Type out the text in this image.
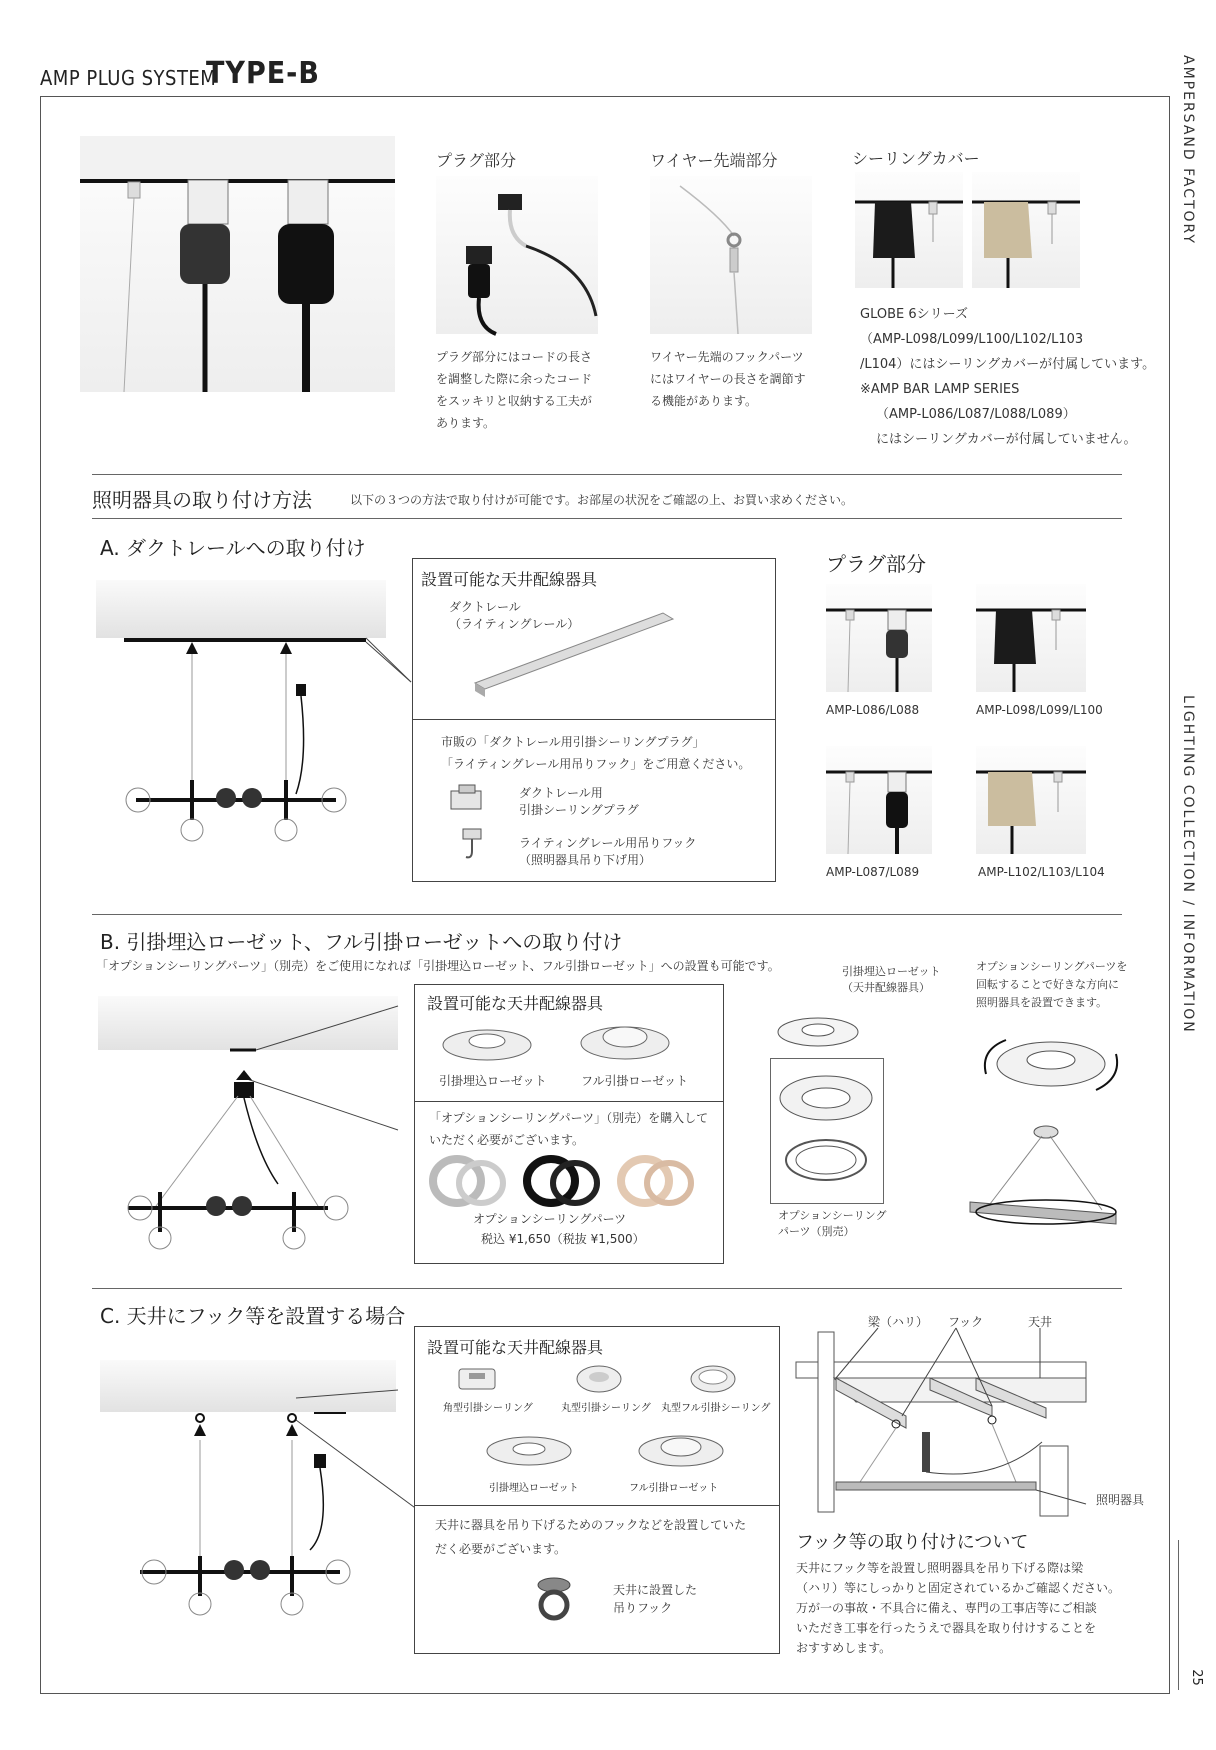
AMP PLUG SYSTEM
TYPE-B	AMPERSAND FACTORY
LIGHTING COLLECTION / INFORMATION
25
プラグ部分
プラグ部分にはコードの長さ
を調整した際に余ったコード
をスッキリと収納する工夫が
あります。
ワイヤー先端部分
ワイヤー先端のフックパーツ
にはワイヤーの長さを調節す
る機能があります。
シーリングカバー
GLOBE 6シリーズ
（AMP-L098/L099/L100/L102/L103
/L104）にはシーリングカバーが付属しています。
※AMP BAR LAMP SERIES
（AMP-L086/L087/L088/L089）
にはシーリングカバーが付属していません。
照明器具の取り付け方法	以下の３つの方法で取り付けが可能です。お部屋の状況をご確認の上、お買い求めください。
A. ダクトレールへの取り付け
設置可能な天井配線器具
ダクトレール
（ライティングレール）
市販の「ダクトレール用引掛シーリングプラグ」
「ライティングレール用吊りフック」をご用意ください。
ダクトレール用
引掛シーリングプラグ
ライティングレール用吊りフック
（照明器具吊り下げ用）
プラグ部分
AMP-L086/L088	AMP-L098/L099/L100
AMP-L087/L089	AMP-L102/L103/L104
B. 引掛埋込ローゼット、フル引掛ローゼットへの取り付け
「オプションシーリングパーツ」（別売）をご使用になれば「引掛埋込ローゼット、フル引掛ローゼット」への設置も可能です。
設置可能な天井配線器具
引掛埋込ローゼット	フル引掛ローゼット
「オプションシーリングパーツ」（別売）を購入して
いただく必要がございます。
オプションシーリングパーツ
税込 ¥1,650（税抜 ¥1,500）
引掛埋込ローゼット
（天井配線器具）
オプションシーリング
パーツ（別売）
オプションシーリングパーツを
回転することで好きな方向に
照明器具を設置できます。
C. 天井にフック等を設置する場合
設置可能な天井配線器具
角型引掛シーリング	丸型引掛シーリング 丸型フル引掛シーリング
引掛埋込ローゼット	フル引掛ローゼット
天井に器具を吊り下げるためのフックなどを設置していた
だく必要がございます。
天井に設置した
吊りフック
梁（ハリ） フック	天井
照明器具
フック等の取り付けについて
天井にフック等を設置し照明器具を吊り下げる際は梁
（ハリ）等にしっかりと固定されているかご確認ください。
万が一の事故・不具合に備え、専門の工事店等にご相談
いただき工事を行ったうえで器具を取り付けすることを
おすすめします。
